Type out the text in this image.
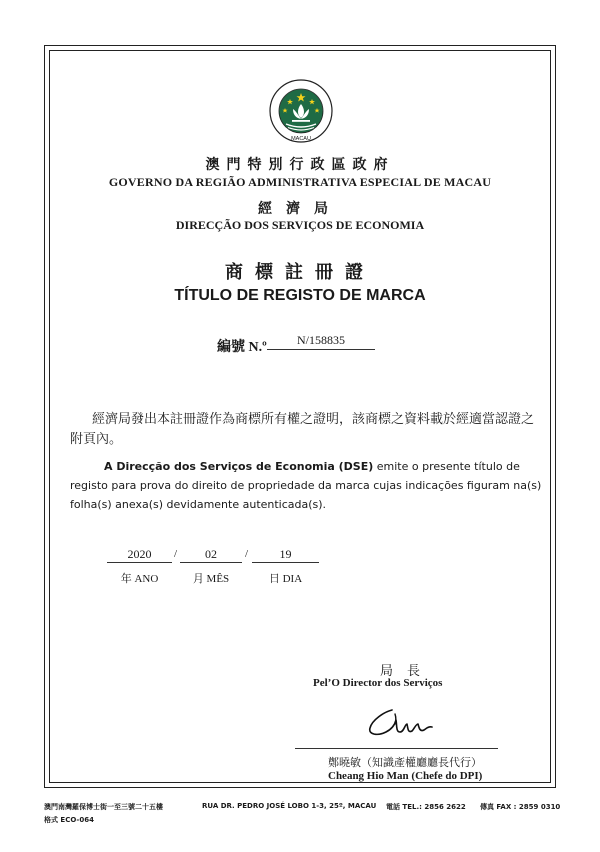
MACAU
澳門特別行政區政府
GOVERNO DA REGIÃO ADMINISTRATIVA ESPECIAL DE MACAU
經濟局
DIRECÇÃO DOS SERVIÇOS DE ECONOMIA
商標註冊證
TÍTULO DE REGISTO DE MARCA
編號 N.º	N/158835
經濟局發出本註冊證作為商標所有權之證明，該商標之資料載於經適當認證之附頁內。
A Direcção dos Serviços de Economia (DSE) emite o presente título de registo para prova do direito de propriedade da marca cujas indicações figuram na(s) folha(s) anexa(s) devidamente autenticada(s).
2020	/	02	/	19
年 ANO	月 MÊS	日 DIA
局長
Pel’O Director dos Serviços
鄭曉敏（知識產權廳廳長代行）
Cheang Hio Man (Chefe do DPI)
澳門南灣羅保博士街一至三號二十五樓	RUA DR. PEDRO JOSÉ LOBO 1-3, 25º, MACAU 電話 TEL.: 2856 2622 傳真 FAX : 2859 0310
格式 ECO-064
